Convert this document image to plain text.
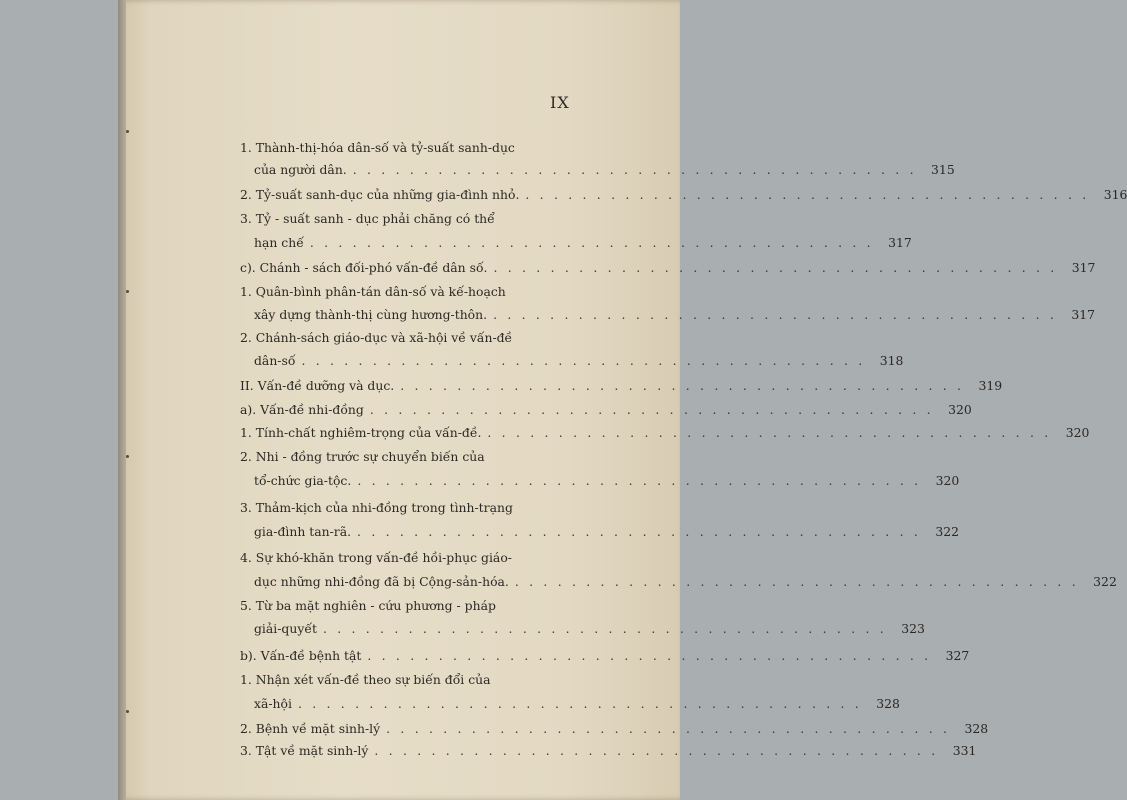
IX
1. Thành-thị-hóa dân-số và tỷ-suất sanh-dục
của người dân. . . . . . . . . . . . . . . . . . . . . . . . . . . . . . . . . . . . . . . . .	315
2. Tỷ-suất sanh-dục của những gia-đình nhỏ. . . . . . . . . . . . . . . . . . . . . . . . . . . . . . . . . . . . . . . . .	316
3. Tỷ - suất sanh - dục phải chăng có thể
hạn chế . . . . . . . . . . . . . . . . . . . . . . . . . . . . . . . . . . . . . . . .	317
c). Chánh - sách đối-phó vấn-đề dân số. . . . . . . . . . . . . . . . . . . . . . . . . . . . . . . . . . . . . . . . .	317
1. Quân-bình phân-tán dân-số và kế-hoạch
xây dựng thành-thị cùng hương-thôn. . . . . . . . . . . . . . . . . . . . . . . . . . . . . . . . . . . . . . . . .	317
2. Chánh-sách giáo-dục và xã-hội về vấn-đề
dân-số . . . . . . . . . . . . . . . . . . . . . . . . . . . . . . . . . . . . . . . .	318
II. Vấn-đề dưỡng và dục. . . . . . . . . . . . . . . . . . . . . . . . . . . . . . . . . . . . . . . . .	319
a). Vấn-đề nhi-đồng . . . . . . . . . . . . . . . . . . . . . . . . . . . . . . . . . . . . . . . .	320
1. Tính-chất nghiêm-trọng của vấn-đề. . . . . . . . . . . . . . . . . . . . . . . . . . . . . . . . . . . . . . . . .	320
2. Nhi - đồng trước sự chuyển biến của
tổ-chức gia-tộc. . . . . . . . . . . . . . . . . . . . . . . . . . . . . . . . . . . . . . . . .	320
3. Thảm-kịch của nhi-đồng trong tình-trạng
gia-đình tan-rã. . . . . . . . . . . . . . . . . . . . . . . . . . . . . . . . . . . . . . . . .	322
4. Sự khó-khăn trong vấn-đề hồi-phục giáo-
dục những nhi-đồng đã bị Cộng-sản-hóa. . . . . . . . . . . . . . . . . . . . . . . . . . . . . . . . . . . . . . . . .	322
5. Từ ba mặt nghiên - cứu phương - pháp
giải-quyết . . . . . . . . . . . . . . . . . . . . . . . . . . . . . . . . . . . . . . . .	323
b). Vấn-đề bệnh tật . . . . . . . . . . . . . . . . . . . . . . . . . . . . . . . . . . . . . . . .	327
1. Nhận xét vấn-đề theo sự biến đổi của
xã-hội . . . . . . . . . . . . . . . . . . . . . . . . . . . . . . . . . . . . . . . .	328
2. Bệnh về mặt sinh-lý . . . . . . . . . . . . . . . . . . . . . . . . . . . . . . . . . . . . . . . .	328
3. Tật về mặt sinh-lý . . . . . . . . . . . . . . . . . . . . . . . . . . . . . . . . . . . . . . . .	331
